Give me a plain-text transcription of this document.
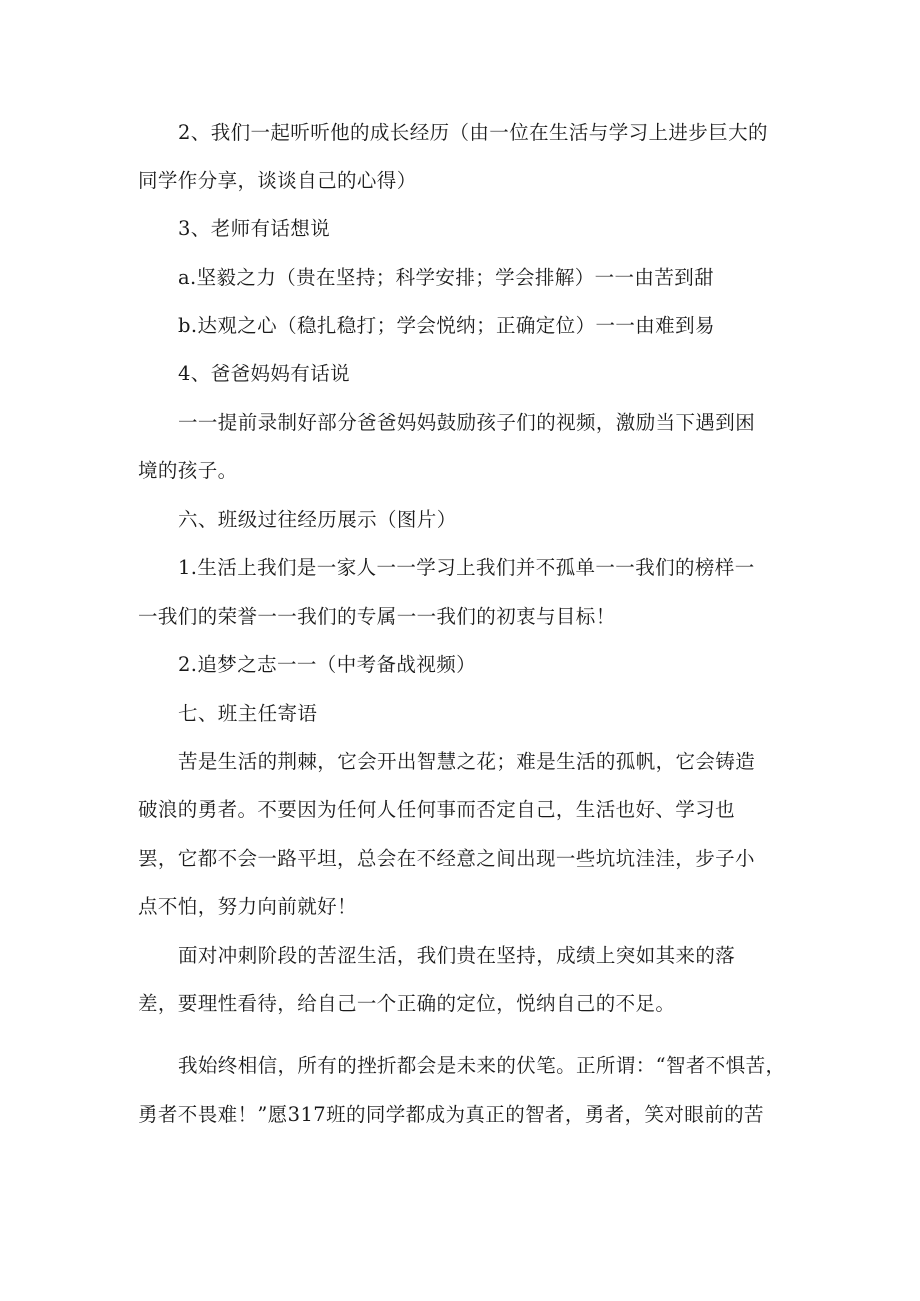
2、我们一起听听他的成长经历（由一位在生活与学习上进步巨大的
同学作分享，谈谈自己的心得）
3、老师有话想说
a.坚毅之力（贵在坚持；科学安排；学会排解）一一由苦到甜
b.达观之心（稳扎稳打；学会悦纳；正确定位）一一由难到易
4、爸爸妈妈有话说
一一提前录制好部分爸爸妈妈鼓励孩子们的视频，激励当下遇到困
境的孩子。
六、班级过往经历展示（图片）
1.生活上我们是一家人一一学习上我们并不孤单一一我们的榜样一
一我们的荣誉一一我们的专属一一我们的初衷与目标！
2.追梦之志一一（中考备战视频）
七、班主任寄语
苦是生活的荆棘，它会开出智慧之花；难是生活的孤帆，它会铸造
破浪的勇者。不要因为任何人任何事而否定自己，生活也好、学习也
罢，它都不会一路平坦，总会在不经意之间出现一些坑坑洼洼，步子小
点不怕，努力向前就好！
面对冲刺阶段的苦涩生活，我们贵在坚持，成绩上突如其来的落
差，要理性看待，给自己一个正确的定位，悦纳自己的不足。
我始终相信，所有的挫折都会是未来的伏笔。正所谓：“智者不惧苦，
勇者不畏难！”愿317班的同学都成为真正的智者，勇者，笑对眼前的苦
